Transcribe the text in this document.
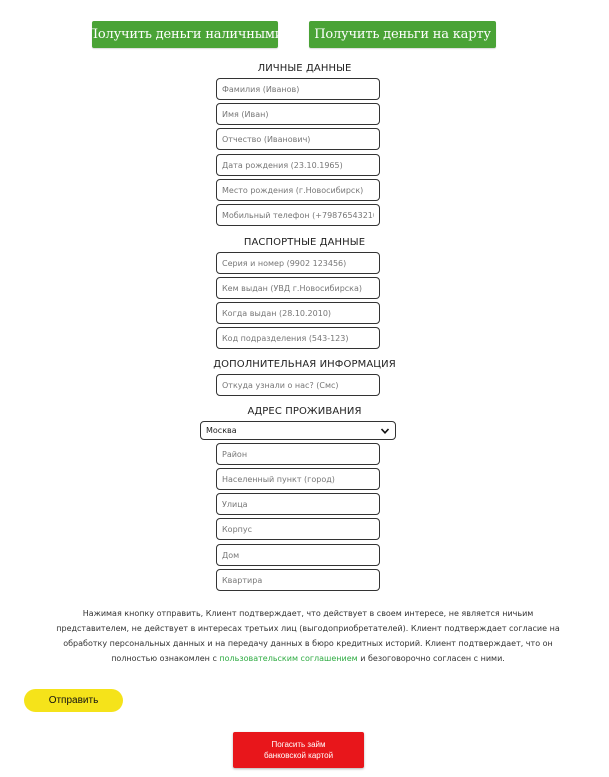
Получить деньги наличными	Получить деньги на карту
ЛИЧНЫЕ ДАННЫЕ
Фамилия (Иванов)
Имя (Иван)
Отчество (Иванович)
Дата рождения (23.10.1965)
Место рождения (г.Новосибирск)
Мобильный телефон (+79876543210)
ПАСПОРТНЫЕ ДАННЫЕ
Серия и номер (9902 123456)
Кем выдан (УВД г.Новосибирска)
Когда выдан (28.10.2010)
Код подразделения (543-123)
ДОПОЛНИТЕЛЬНАЯ ИНФОРМАЦИЯ
Откуда узнали о нас? (Смс)
АДРЕС ПРОЖИВАНИЯ
Москва
Район
Населенный пункт (город)
Улица
Корпус
Дом
Квартира
Нажимая кнопку отправить, Клиент подтверждает, что действует в своем интересе, не является ничьим представителем, не действует в интересах третьих лиц (выгодоприобретателей). Клиент подтверждает согласие на обработку персональных данных и на передачу данных в бюро кредитных историй. Клиент подтверждает, что он полностью ознакомлен с пользовательским соглашением и безоговорочно согласен с ними.
Отправить
Погасить займ
банковской картой
